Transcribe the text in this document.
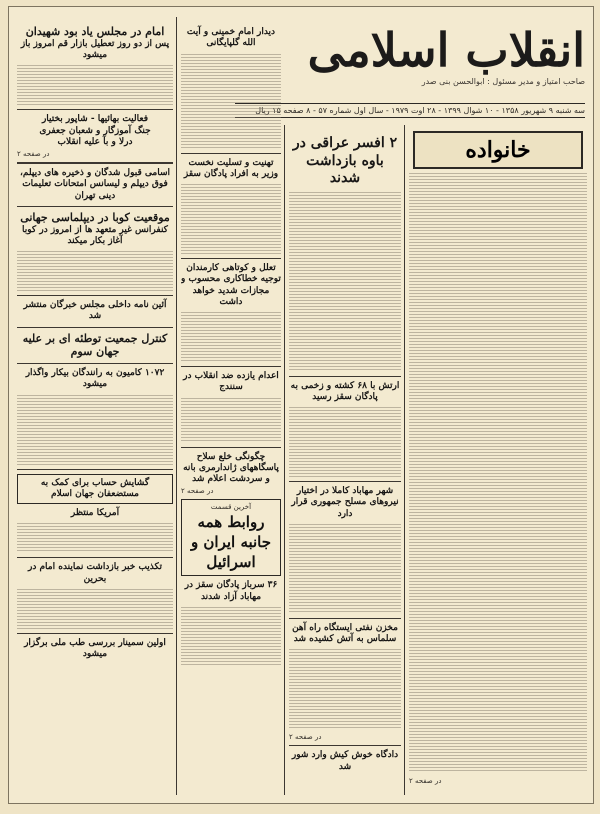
انقلاب اسلامی
صاحب امتیاز و مدیر مسئول : ابوالحسن بنی صدر
سه شنبه ۹ شهریور ۱۳۵۸ - ۱۰ شوال ۱۳۹۹ - ۲۸ اوت ۱۹۷۹ - سال اول شماره ۵۷ - ۸ صفحه ۱۵ ریال
خانواده
در صفحه ۲
۲ افسر عراقی در باوه بازداشت شدند
ارتش با ۶۸ کشته و زخمی به پادگان سقز رسید
شهر مهاباد کاملا در اختیار نیروهای مسلح جمهوری قرار دارد
مخزن نفتی ایستگاه راه آهن سلماس به آتش کشیده شد
در صفحه ۲
دادگاه خوش کیش وارد شور شد
دیدار امام خمینی و آیت الله گلپایگانی
تهنیت و تسلیت نخست وزیر به افراد پادگان سقز
تعلل و کوتاهی کارمندان توجیه خطاکاری محسوب و مجازات شدید خواهد داشت
اعدام یازده ضد انقلاب در سنندج
چگونگی خلع سلاح پاسگاههای ژاندارمری بانه و سردشت اعلام شد
در صفحه ۲
آخرین قسمت
روابط همه جانبه ایران و اسرائیل
۳۶ سرباز پادگان سقز در مهاباد آزاد شدند
امام در مجلس یاد بود شهیدان
پس از دو روز تعطیل بازار قم امروز باز میشود
فعالیت بهائیها - شاپور بختیار
جنگ آموزگار و شعبان جعفری
درلا و بآ علیه انقلاب
در صفحه ۲
اسامی قبول شدگان و ذخیره های دیپلم، فوق دیپلم و لیسانس امتحانات تعلیمات دینی تهران
موقعیت کوبا در دیپلماسی جهانی
کنفرانس غیر متعهد ها از امروز در کوبا آغاز بکار میکند
آئین نامه داخلی مجلس خبرگان منتشر شد
کنترل جمعیت توطئه ای بر علیه جهان سوم
۱۰۷۲ کامیون به رانندگان بیکار واگذار میشود
گشایش حساب برای کمک به مستضعفان جهان اسلام
آمریکا منتظر
تکذیب خبر بازداشت نماینده امام در بحرین
اولین سمینار بررسی طب ملی برگزار میشود
